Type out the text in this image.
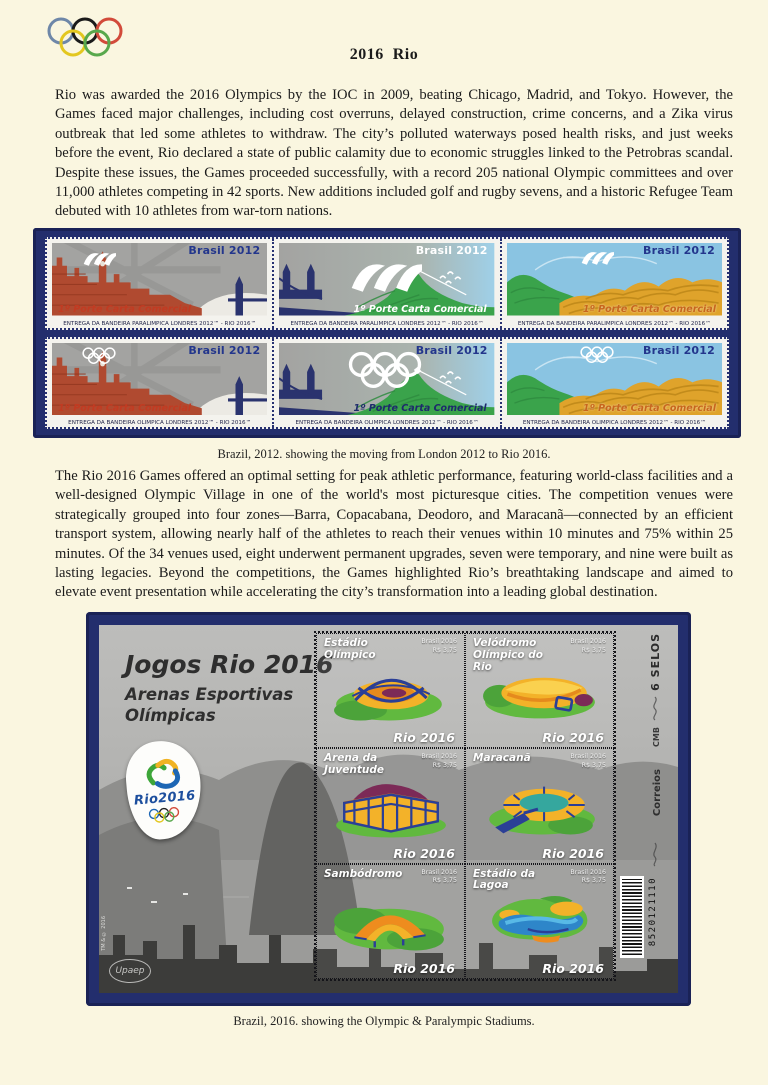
2016  Rio

Rio was awarded the 2016 Olympics by the IOC in 2009, beating Chicago, Madrid, and Tokyo. However, the Games faced major challenges, including cost overruns, delayed construction, crime concerns, and a Zika virus outbreak that led some athletes to withdraw. The city’s polluted waterways posed health risks, and just weeks before the event, Rio declared a state of public calamity due to economic struggles linked to the Petrobras scandal. Despite these issues, the Games proceeded successfully, with a record 205 national Olympic committees and over 11,000 athletes competing in 42 sports. New additions included golf and rugby sevens, and a historic Refugee Team debuted with 10 athletes from war-torn nations.

Brasil 2012
1º Porte Carta Comercial
ENTREGA DA BANDEIRA PARALÍMPICA LONDRES 2012™ - RIO 2016™
Brasil 2012
1º Porte Carta Comercial
ENTREGA DA BANDEIRA PARALÍMPICA LONDRES 2012™ - RIO 2016™
Brasil 2012
1º Porte Carta Comercial
ENTREGA DA BANDEIRA PARALÍMPICA LONDRES 2012™ - RIO 2016™
Brasil 2012
1º Porte Carta Comercial
ENTREGA DA BANDEIRA OLÍMPICA LONDRES 2012™ - RIO 2016™
Brasil 2012
1º Porte Carta Comercial
ENTREGA DA BANDEIRA OLÍMPICA LONDRES 2012™ - RIO 2016™
Brasil 2012
1º Porte Carta Comercial
ENTREGA DA BANDEIRA OLÍMPICA LONDRES 2012™ - RIO 2016™
Brazil, 2012. showing the moving from London 2012 to Rio 2016.

The Rio 2016 Games offered an optimal setting for peak athletic performance, featuring world-class facilities and a well-designed Olympic Village in one of the world's most picturesque cities. The competition venues were strategically grouped into four zones—Barra, Copacabana, Deodoro, and Maracanã—connected by an efficient transport system, allowing nearly half of the athletes to reach their venues within 10 minutes and 75% within 25 minutes. Of the 34 venues used, eight underwent permanent upgrades, seven were temporary, and nine were built as lasting legacies. Beyond the competitions, the Games highlighted Rio’s breathtaking landscape and aimed to elevate event presentation while accelerating the city’s transformation into a leading global destination.

Jogos Rio 2016
Arenas Esportivas
Olímpicas
Rio2016
Estádio Olímpico
Brasil 2016
R$ 3,75
Rio 2016
Velódromo Olímpico do Rio
Brasil 2016
R$ 3,75
Rio 2016
Arena da Juventude
Brasil 2016
R$ 3,75
Rio 2016
Maracanã	Brasil 2016
R$ 3,75
Rio 2016
Sambódromo	Brasil 2016
R$ 3,75
Rio 2016
Estádio da Lagoa
Brasil 2016
R$ 3,75
Rio 2016
6 SELOS
CMB
Correios
8520121110
TM & © 2016
Upaep
Brazil, 2016. showing the Olympic & Paralympic Stadiums.
